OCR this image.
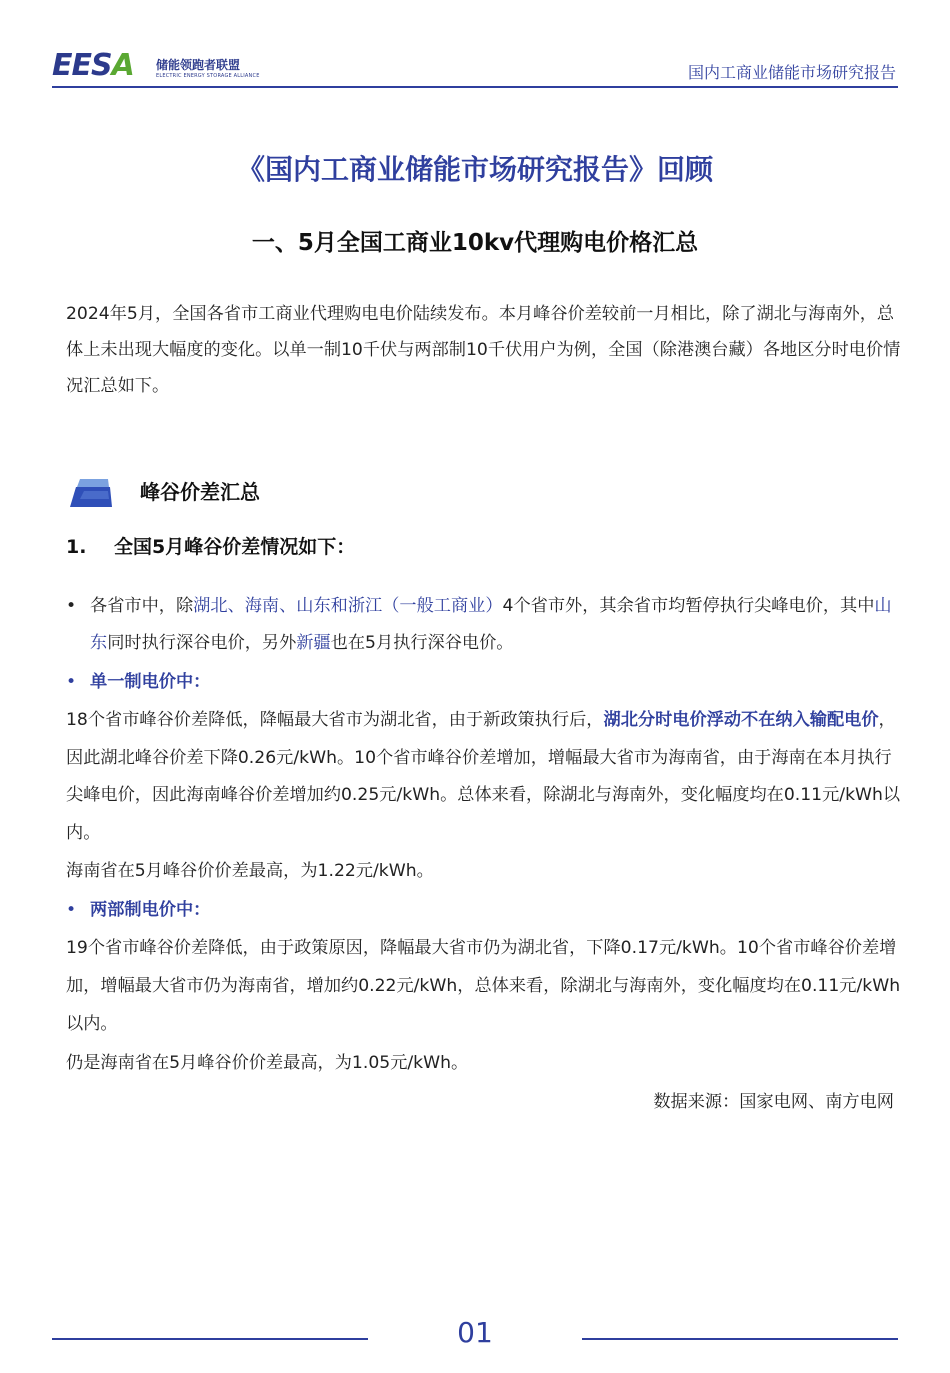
EESA 储能领跑者联盟
ELECTRIC ENERGY STORAGE ALLIANCE	国内工商业储能市场研究报告
《国内工商业储能市场研究报告》回顾
一、5月全国工商业10kv代理购电价格汇总
2024年5月，全国各省市工商业代理购电电价陆续发布。本月峰谷价差较前一月相比，除了湖北与海南外，总体上未出现大幅度的变化。以单一制10千伏与两部制10千伏用户为例，全国（除港澳台藏）各地区分时电价情况汇总如下。
峰谷价差汇总
1. 全国5月峰谷价差情况如下：
• 各省市中，除湖北、海南、山东和浙江（一般工商业）4个省市外，其余省市均暂停执行尖峰电价，其中山东同时执行深谷电价，另外新疆也在5月执行深谷电价。
• 单一制电价中：
18个省市峰谷价差降低，降幅最大省市为湖北省，由于新政策执行后，湖北分时电价浮动不在纳入输配电价，因此湖北峰谷价差下降0.26元/kWh。10个省市峰谷价差增加，增幅最大省市为海南省，由于海南在本月执行尖峰电价，因此海南峰谷价差增加约0.25元/kWh。总体来看，除湖北与海南外，变化幅度均在0.11元/kWh以内。
海南省在5月峰谷价价差最高，为1.22元/kWh。
• 两部制电价中：
19个省市峰谷价差降低，由于政策原因，降幅最大省市仍为湖北省，下降0.17元/kWh。10个省市峰谷价差增加，增幅最大省市仍为海南省，增加约0.22元/kWh，总体来看，除湖北与海南外，变化幅度均在0.11元/kWh以内。
仍是海南省在5月峰谷价价差最高，为1.05元/kWh。
数据来源：国家电网、南方电网
01
